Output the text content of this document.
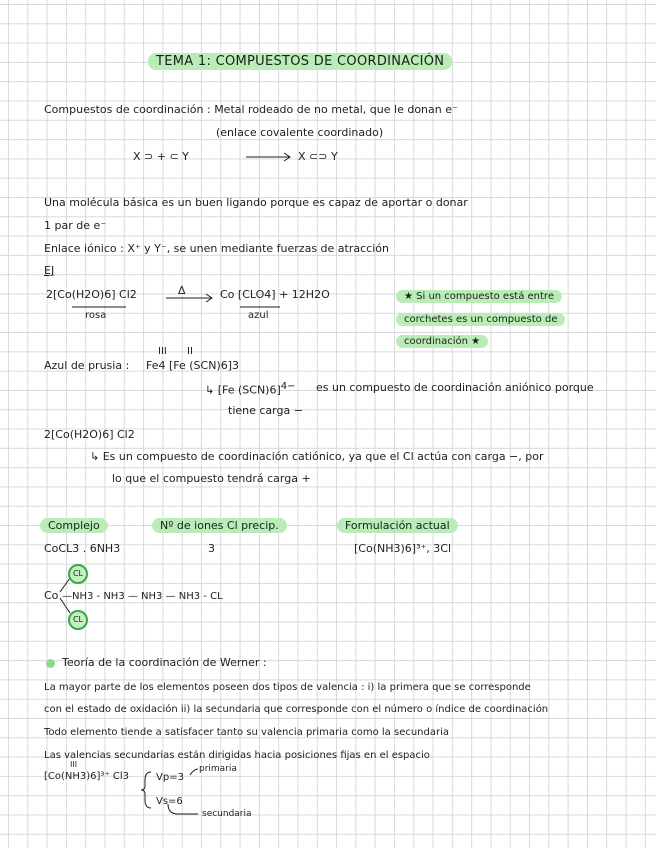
TEMA 1: COMPUESTOS DE COORDINACIÓN
Compuestos de coordinación : Metal rodeado de no metal, que le donan e⁻
(enlace covalente coordinado)
X ⊃ + ⊂ Y	X ⊂⊃ Y
Una molécula básica es un buen ligando porque es capaz de aportar o donar
1 par de e⁻
Enlace iónico : X⁺ y Y⁻, se unen mediante fuerzas de atracción
EJ
2[Co(H2O)6] Cl2
rosa
Δ	Co [CLO4] + 12H2O
azul
★ Si un compuesto está entre
corchetes es un compuesto de
coordinación ★
Azul de prusia :
III II
Fe4 [Fe (SCN)6]3
↳ [Fe (SCN)6]$^{4-}$ es un compuesto de coordinación aniónico porque
tiene carga −
2[Co(H2O)6] Cl2
↳ Es un compuesto de coordinación catiónico, ya que el Cl actúa con carga −, por
lo que el compuesto tendrá carga +
Complejo	Nº de iones Cl precip.	Formulación actual
CoCL3 . 6NH3	3	[Co(NH3)6]³⁺, 3Cl
CL
CL
Co —NH3 - NH3 — NH3 — NH3 - CL
Teoría de la coordinación de Werner :
La mayor parte de los elementos poseen dos tipos de valencia : i) la primera que se corresponde
con el estado de oxidación ii) la secundaria que corresponde con el número o índice de coordinación
Todo elemento tiende a satisfacer tanto su valencia primaria como la secundaria
Las valencias secundarias están dirigidas hacia posiciones fijas en el espacio
III
[Co(NH3)6]³⁺ Cl3	Vp=3
primaria
Vs=6
secundaria
